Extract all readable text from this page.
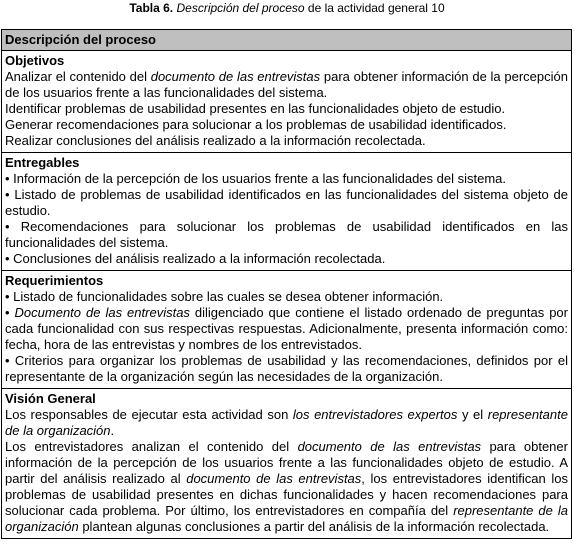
Tabla 6. Descripción del proceso de la actividad general 10
Descripción del proceso
Objetivos

Analizar el contenido del documento de las entrevistas para obtener información de la percepción de los usuarios frente a las funcionalidades del sistema.

Identificar problemas de usabilidad presentes en las funcionalidades objeto de estudio.

Generar recomendaciones para solucionar a los problemas de usabilidad identificados.

Realizar conclusiones del análisis realizado a la información recolectada.

Entregables

• Información de la percepción de los usuarios frente a las funcionalidades del sistema.

• Listado de problemas de usabilidad identificados en las funcionalidades del sistema objeto de estudio.

• Recomendaciones para solucionar los problemas de usabilidad identificados en las funcionalidades del sistema.

• Conclusiones del análisis realizado a la información recolectada.

Requerimientos

• Listado de funcionalidades sobre las cuales se desea obtener información.

• Documento de las entrevistas diligenciado que contiene el listado ordenado de preguntas por cada funcionalidad con sus respectivas respuestas. Adicionalmente, presenta información como: fecha, hora de las entrevistas y nombres de los entrevistados.

• Criterios para organizar los problemas de usabilidad y las recomendaciones, definidos por el representante de la organización según las necesidades de la organización.

Visión General

Los responsables de ejecutar esta actividad son los entrevistadores expertos y el representante de la organización.

Los entrevistadores analizan el contenido del documento de las entrevistas para obtener información de la percepción de los usuarios frente a las funcionalidades objeto de estudio. A partir del análisis realizado al documento de las entrevistas, los entrevistadores identifican los problemas de usabilidad presentes en dichas funcionalidades y hacen recomendaciones para solucionar cada problema. Por último, los entrevistadores en compañía del representante de la organización plantean algunas conclusiones a partir del análisis de la información recolectada.
